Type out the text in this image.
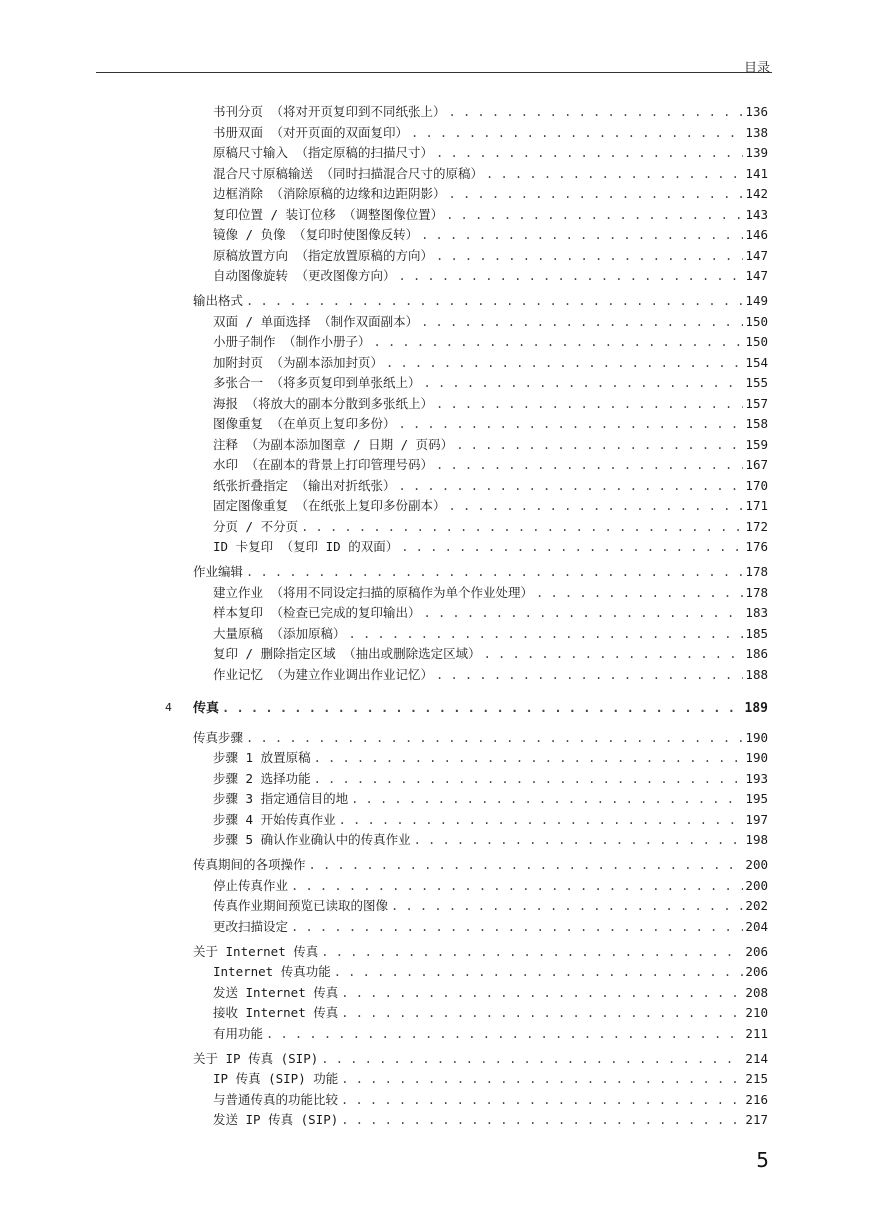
目录
书刊分页 （将对开页复印到不同纸张上） . . .	136
书册双面 （对开页面的双面复印） . . .	138
原稿尺寸输入 （指定原稿的扫描尺寸） . . .	139
混合尺寸原稿输送 （同时扫描混合尺寸的原稿） . . .	141
边框消除 （消除原稿的边缘和边距阴影） . . .	142
复印位置 / 装订位移 （调整图像位置） . . .	143
镜像 / 负像 （复印时使图像反转） . . .	146
原稿放置方向 （指定放置原稿的方向） . . .	147
自动图像旋转 （更改图像方向） . . .	147
输出格式 . . .	149
双面 / 单面选择 （制作双面副本） . . .	150
小册子制作 （制作小册子） . . .	150
加附封页 （为副本添加封页） . . .	154
多张合一 （将多页复印到单张纸上） . . .	155
海报 （将放大的副本分散到多张纸上） . . .	157
图像重复 （在单页上复印多份） . . .	158
注释 （为副本添加图章 / 日期 / 页码） . . .	159
水印 （在副本的背景上打印管理号码） . . .	167
纸张折叠指定 （输出对折纸张） . . .	170
固定图像重复 （在纸张上复印多份副本） . . .	171
分页 / 不分页 . . .	172
ID 卡复印 （复印 ID 的双面） . . .	176
作业编辑 . . .	178
建立作业 （将用不同设定扫描的原稿作为单个作业处理） . . .	178
样本复印 （检查已完成的复印输出） . . .	183
大量原稿 （添加原稿） . . .	185
复印 / 删除指定区域 （抽出或删除选定区域） . . .	186
作业记忆 （为建立作业调出作业记忆） . . .	188
4 传真 . . .	189
传真步骤 . . .	190
步骤 1 放置原稿 . . .	190
步骤 2 选择功能 . . .	193
步骤 3 指定通信目的地 . . .	195
步骤 4 开始传真作业 . . .	197
步骤 5 确认作业确认中的传真作业 . . .	198
传真期间的各项操作 . . .	200
停止传真作业 . . .	200
传真作业期间预览已读取的图像 . . .	202
更改扫描设定 . . .	204
关于 Internet 传真 . . .	206
Internet 传真功能 . . .	206
发送 Internet 传真 . . .	208
接收 Internet 传真 . . .	210
有用功能 . . .	211
关于 IP 传真 (SIP) . . .	214
IP 传真 (SIP) 功能 . . .	215
与普通传真的功能比较 . . .	216
发送 IP 传真 (SIP) . . .	217
5
